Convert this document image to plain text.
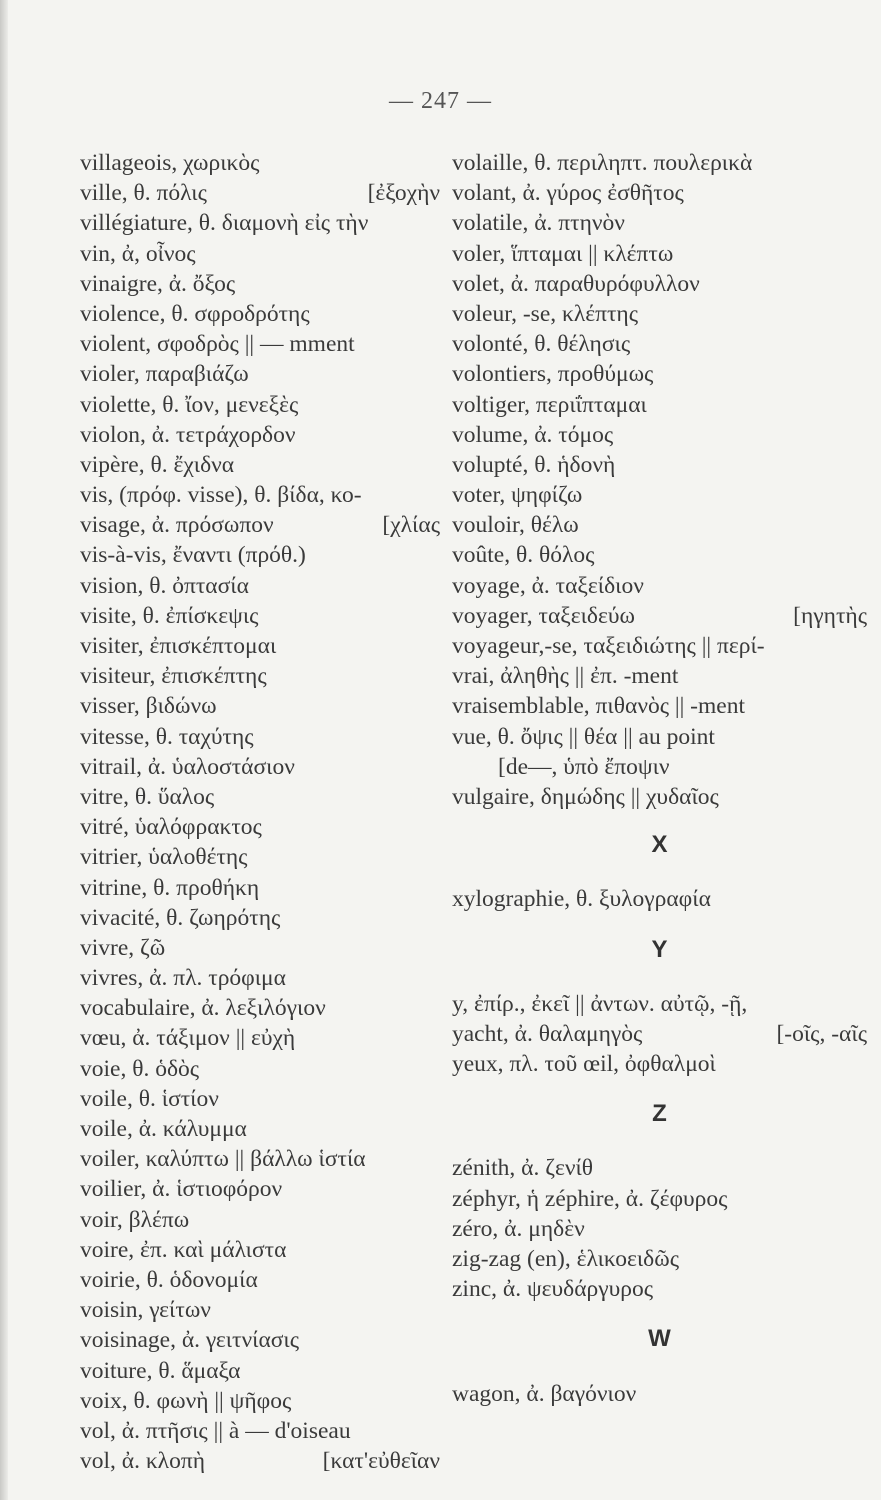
— 247 —
villageois, χωρικὸς
ville, θ. πόλις	[ἐξοχὴν
villégiature, θ. διαμονὴ εἰς τὴν
vin, ἀ, οἶνος
vinaigre, ἀ. ὄξος
violence, θ. σφροδρότης
violent, σφοδρὸς || — mment
violer, παραβιάζω
violette, θ. ἴον, μενεξὲς
violon, ἀ. τετράχορδον
vipère, θ. ἔχιδνα
vis, (πρόφ. visse), θ. βίδα, κο-
visage, ἀ. πρόσωπον	[χλίας
vis-à-vis, ἔναντι (πρόθ.)
vision, θ. ὀπτασία
visite, θ. ἐπίσκεψις
visiter, ἐπισκέπτομαι
visiteur, ἐπισκέπτης
visser, βιδώνω
vitesse, θ. ταχύτης
vitrail, ἀ. ὑαλοστάσιον
vitre, θ. ὕαλος
vitré, ὑαλόφρακτος
vitrier, ὑαλοθέτης
vitrine, θ. προθήκη
vivacité, θ. ζωηρότης
vivre, ζῶ
vivres, ἀ. πλ. τρόφιμα
vocabulaire, ἀ. λεξιλόγιον
vœu, ἀ. τάξιμον || εὐχὴ
voie, θ. ὁδὸς
voile, θ. ἱστίον
voile, ἀ. κάλυμμα
voiler, καλύπτω || βάλλω ἱστία
voilier, ἀ. ἱστιοφόρον
voir, βλέπω
voire, ἐπ. καὶ μάλιστα
voirie, θ. ὁδονομία
voisin, γείτων
voisinage, ἀ. γειτνίασις
voiture, θ. ἅμαξα
voix, θ. φωνὴ || ψῆφος
vol, ἀ. πτῆσις || à — d'oiseau
vol, ἀ. κλοπὴ	[κατ'εὐθεῖαν
volaille, θ. περιληπτ. πουλερικὰ
volant, ἀ. γύρος ἐσθῆτος
volatile, ἀ. πτηνὸν
voler, ἵπταμαι || κλέπτω
volet, ἀ. παραθυρόφυλλον
voleur, -se, κλέπτης
volonté, θ. θέλησις
volontiers, προθύμως
voltiger, περιΐπταμαι
volume, ἀ. τόμος
volupté, θ. ἡδονὴ
voter, ψηφίζω
vouloir, θέλω
voûte, θ. θόλος
voyage, ἀ. ταξείδιον
voyager, ταξειδεύω	[ηγητὴς
voyageur,-se, ταξειδιώτης || περί-
vrai, ἀληθὴς || ἐπ. -ment
vraisemblable, πιθανὸς || -ment
vue, θ. ὄψις || θέα || au point
[de—, ὑπὸ ἔποψιν
vulgaire, δημώδης || χυδαῖος
X
xylographie, θ. ξυλογραφία
Y
y, ἐπίρ., ἐκεῖ || ἀντων. αὐτῷ, -ῇ,
yacht, ἀ. θαλαμηγὸς	[-οῖς, -αῖς
yeux, πλ. τοῦ œil, ὀφθαλμοὶ
Z
zénith, ἀ. ζενίθ
zéphyr, ἡ zéphire, ἀ. ζέφυρος
zéro, ἀ. μηδὲν
zig-zag (en), ἑλικοειδῶς
zinc, ἀ. ψευδάργυρος
W
wagon, ἀ. βαγόνιον
